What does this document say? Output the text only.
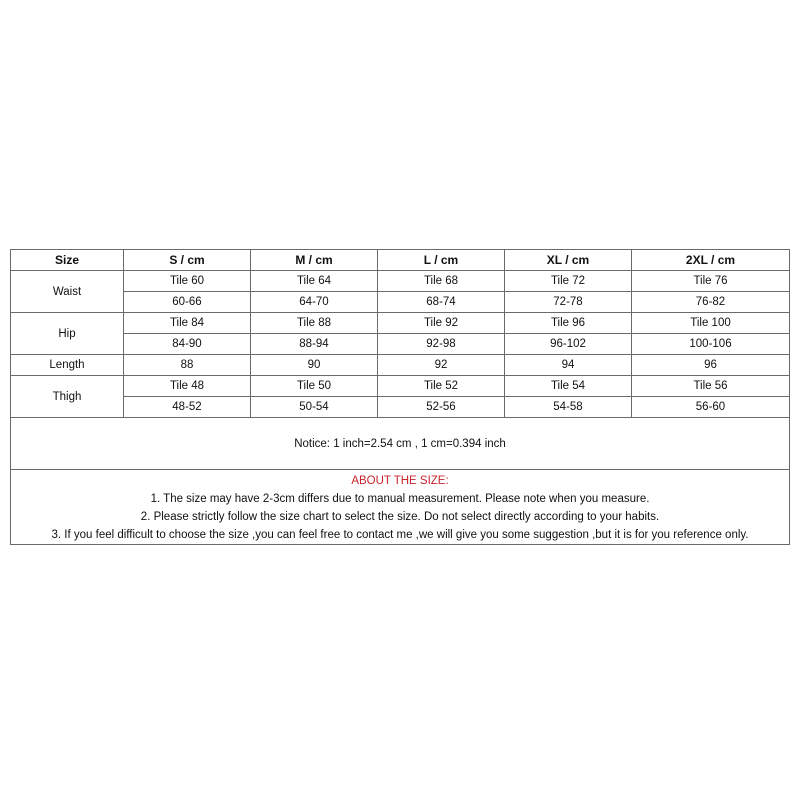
Size	S / cm	M / cm	L / cm	XL / cm	2XL / cm
Waist	Tile 60	Tile 64	Tile 68	Tile 72	Tile 76
	60-66	64-70	68-74	72-78	76-82
Hip	Tile 84	Tile 88	Tile 92	Tile 96	Tile 100
	84-90	88-94	92-98	96-102	100-106
Length	88	90	92	94	96
Thigh	Tile 48	Tile 50	Tile 52	Tile 54	Tile 56
	48-52	50-54	52-56	54-58	56-60
Notice: 1 inch=2.54 cm , 1 cm=0.394 inch					

ABOUT THE SIZE:
1. The size may have 2-3cm differs due to manual measurement. Please note when you measure.
2. Please strictly follow the size chart to select the size. Do not select directly according to your habits.
3. If you feel difficult to choose the size ,you can feel free to contact me ,we will give you some suggestion ,but it is for you reference only.					
